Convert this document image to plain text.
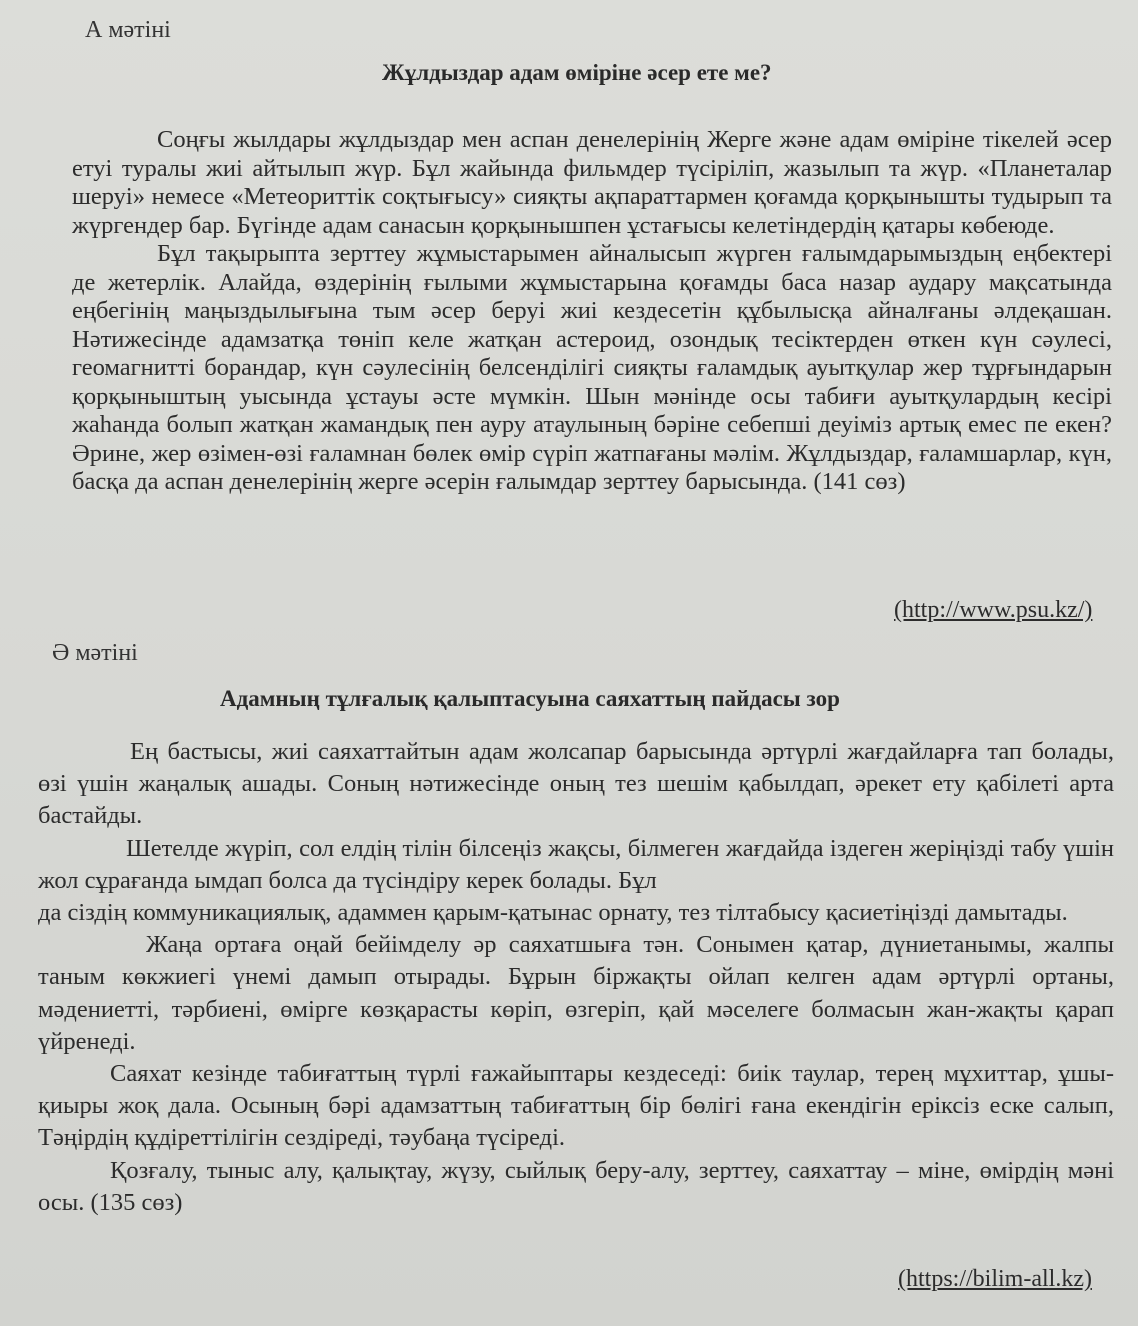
А мәтіні
Жұлдыздар адам өміріне әсер ете ме?

Соңғы жылдары жұлдыздар мен аспан денелерінің Жерге және адам өміріне тікелей әсер етуі туралы жиі айтылып жүр. Бұл жайында фильмдер түсіріліп, жазылып та жүр. «Планеталар шеруі» немесе «Метеориттік соқтығысу» сияқты ақпараттармен қоғамда қорқынышты тудырып та жүргендер бар. Бүгінде адам санасын қорқынышпен ұстағысы келетіндердің қатары көбеюде.

Бұл тақырыпта зерттеу жұмыстарымен айналысып жүрген ғалымдарымыздың еңбектері де жетерлік. Алайда, өздерінің ғылыми жұмыстарына қоғамды баса назар аудару мақсатында еңбегінің маңыздылығына тым әсер беруі жиі кездесетін құбылысқа айналғаны әлдеқашан. Нәтижесінде адамзатқа төніп келе жатқан астероид, озондық тесіктерден өткен күн сәулесі, геомагнитті борандар, күн сәулесінің белсенділігі сияқты ғаламдық ауытқулар жер тұрғындарын қорқыныштың уысында ұстауы әсте мүмкін. Шын мәнінде осы табиғи ауытқулардың кесірі жаһанда болып жатқан жамандық пен ауру атаулының бәріне себепші деуіміз артық емес пе екен? Әрине, жер өзімен-өзі ғаламнан бөлек өмір сүріп жатпағаны мәлім. Жұлдыздар, ғаламшарлар, күн, басқа да аспан денелерінің жерге әсерін ғалымдар зерттеу барысында. (141 сөз)

(http://www.psu.kz/)
Ә мәтіні
Адамның тұлғалық қалыптасуына саяхаттың пайдасы зор

Ең бастысы, жиі саяхаттайтын адам жолсапар барысында әртүрлі жағдайларға тап болады, өзі үшін жаңалық ашады. Соның нәтижесінде оның тез шешім қабылдап, әрекет ету қабілеті арта бастайды.

Шетелде жүріп, сол елдің тілін білсеңіз жақсы, білмеген жағдайда іздеген жеріңізді табу үшін жол сұрағанда ымдап болса да түсіндіру керек болады. Бұл

да сіздің коммуникациялық, адаммен қарым-қатынас орнату, тез тілтабысу қасиетіңізді дамытады.

Жаңа ортаға оңай бейімделу әр саяхатшыға тән. Сонымен қатар, дүниетанымы, жалпы таным көкжиегі үнемі дамып отырады. Бұрын біржақты ойлап келген адам әртүрлі ортаны, мәдениетті, тәрбиені, өмірге көзқарасты көріп, өзгеріп, қай мәселеге болмасын жан-жақты қарап үйренеді.

Саяхат кезінде табиғаттың түрлі ғажайыптары кездеседі: биік таулар, терең мұхиттар, ұшы-қиыры жоқ дала. Осының бәрі адамзаттың табиғаттың бір бөлігі ғана екендігін еріксіз еске салып, Тәңірдің құдіреттілігін сездіреді, тәубаңа түсіреді.

Қозғалу, тыныс алу, қалықтау, жүзу, сыйлық беру-алу, зерттеу, саяхаттау – міне, өмірдің мәні осы. (135 сөз)

(https://bilim-all.kz)
